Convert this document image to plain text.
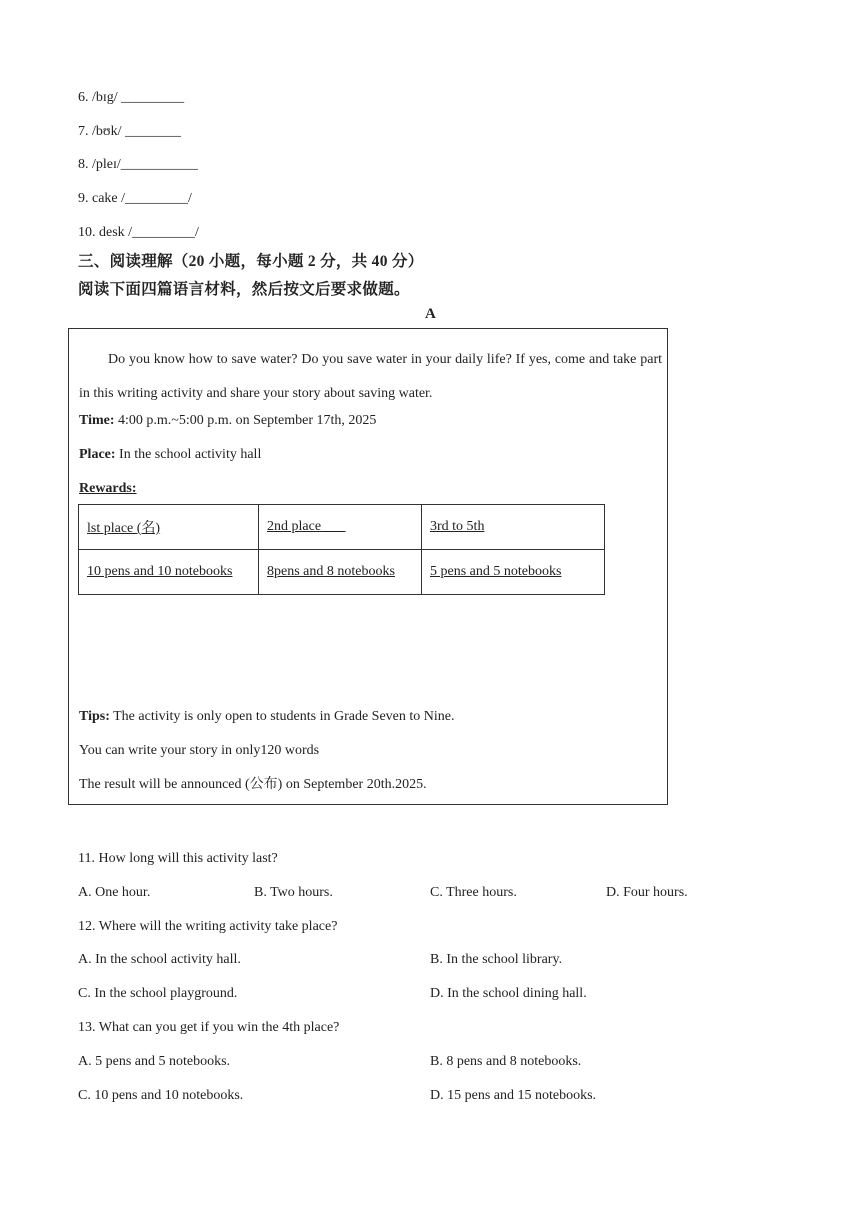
6. /bɪg/ _________
7. /bʊk/ ________
8. /pleɪ/___________
9. cake /_________/
10. desk /_________/
三、阅读理解（20 小题，每小题 2 分，共 40 分）
阅读下面四篇语言材料，然后按文后要求做题。
A
Do you know how to save water? Do you save water in your daily life? If yes, come and take part in this writing activity and share your story about saving water.
Time: 4:00 p.m.~5:00 p.m. on September 17th, 2025
Place: In the school activity hall
Rewards:
lst place (名)	2nd place	3rd to 5th
10 pens and 10 notebooks	8pens and 8 notebooks	5 pens and 5 notebooks
Tips: The activity is only open to students in Grade Seven to Nine.
You can write your story in only120 words
The result will be announced (公布) on September 20th.2025.
11. How long will this activity last?
A. One hour.	B. Two hours.	C. Three hours.	D. Four hours.
12. Where will the writing activity take place?
A. In the school activity hall.	B. In the school library.
C. In the school playground.	D. In the school dining hall.
13. What can you get if you win the 4th place?
A. 5 pens and 5 notebooks.	B. 8 pens and 8 notebooks.
C. 10 pens and 10 notebooks.	D. 15 pens and 15 notebooks.
